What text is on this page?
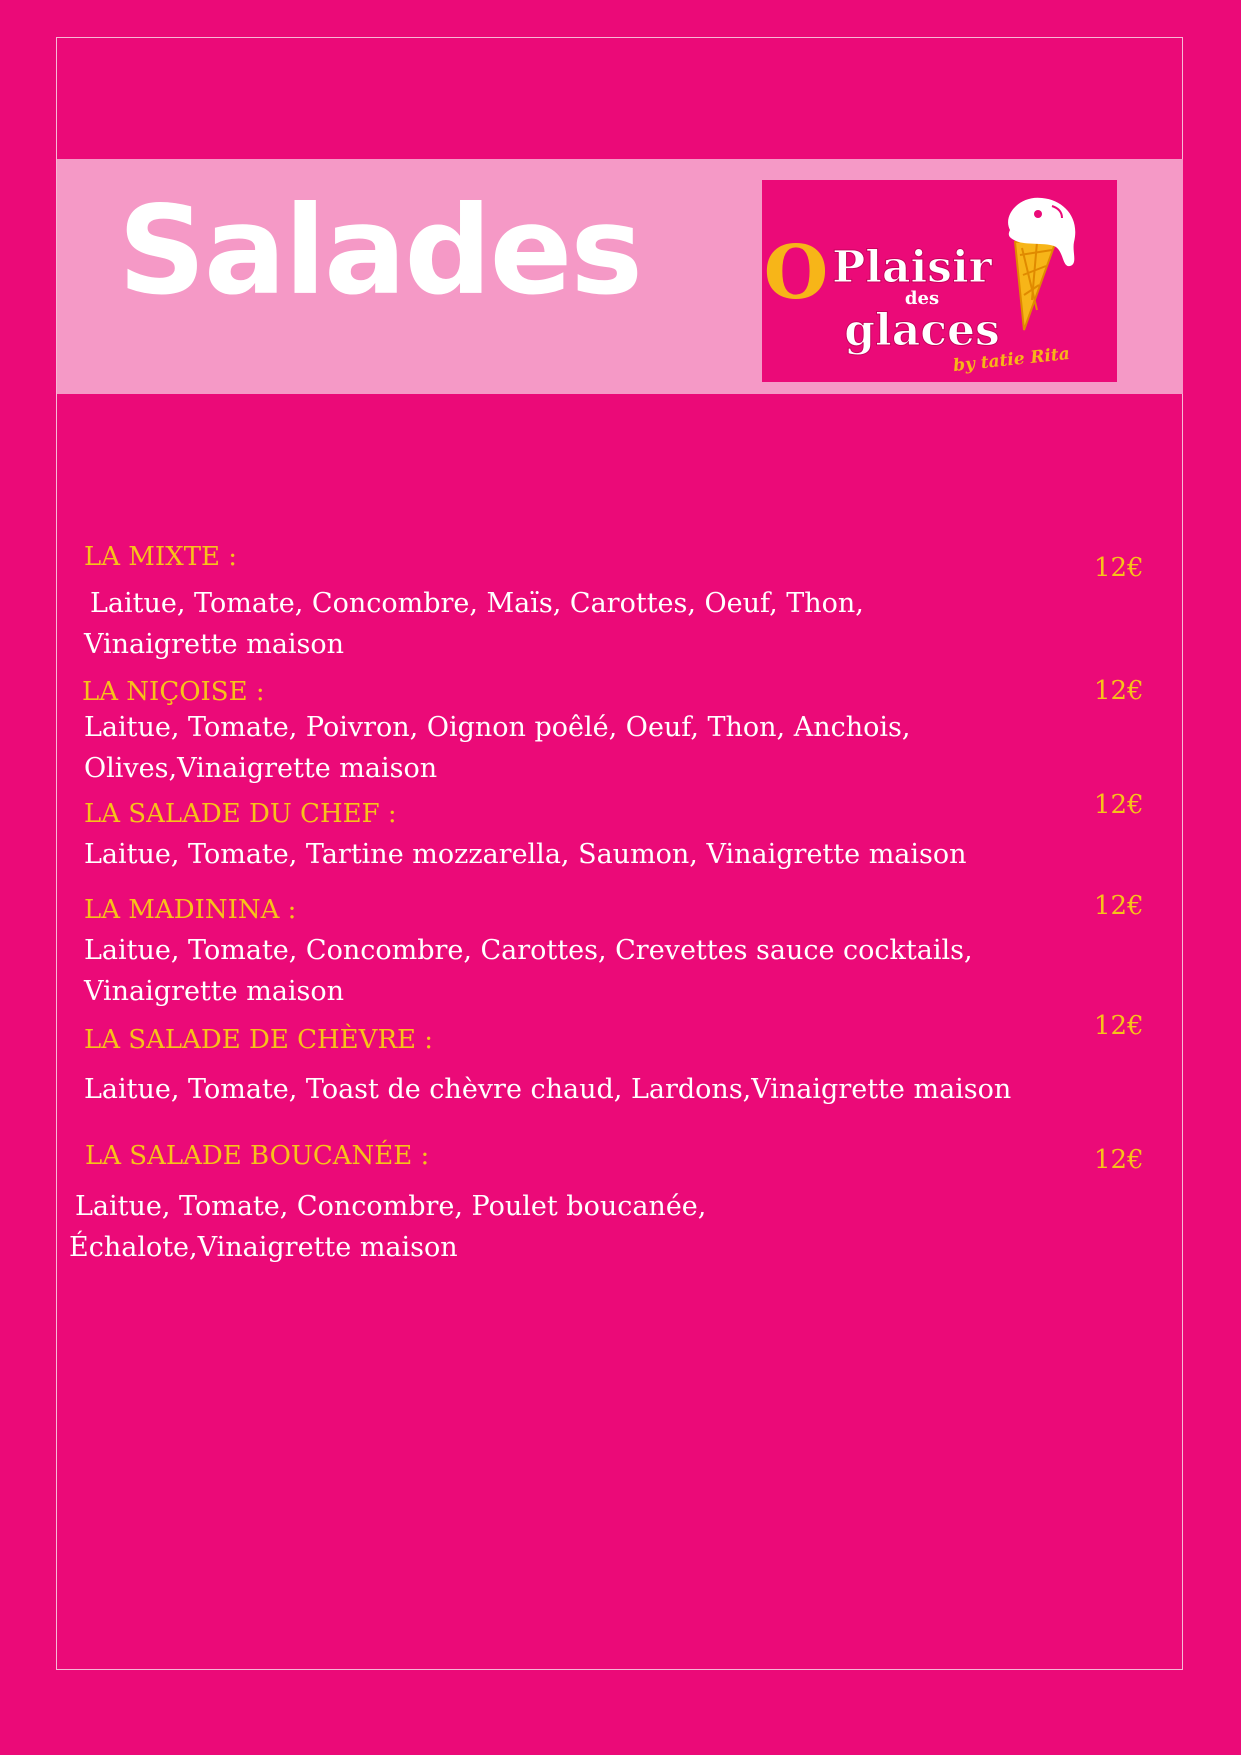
Salades O Plaisir
des
glaces
by tatie Rita
LA MIXTE :	12€
Laitue, Tomate, Concombre, Maïs, Carottes, Oeuf, Thon, Vinaigrette maison
LA NIÇOISE :	12€
Laitue, Tomate, Poivron, Oignon poêlé, Oeuf, Thon, Anchois, Olives,Vinaigrette maison
LA SALADE DU CHEF :	12€
Laitue, Tomate, Tartine mozzarella, Saumon, Vinaigrette maison
LA MADININA :	12€
Laitue, Tomate, Concombre, Carottes, Crevettes sauce cocktails, Vinaigrette maison
LA SALADE DE CHÈVRE :	12€
Laitue, Tomate, Toast de chèvre chaud, Lardons,Vinaigrette maison
LA SALADE BOUCANÉE :	12€
Laitue, Tomate, Concombre, Poulet boucanée, Échalote,Vinaigrette maison
